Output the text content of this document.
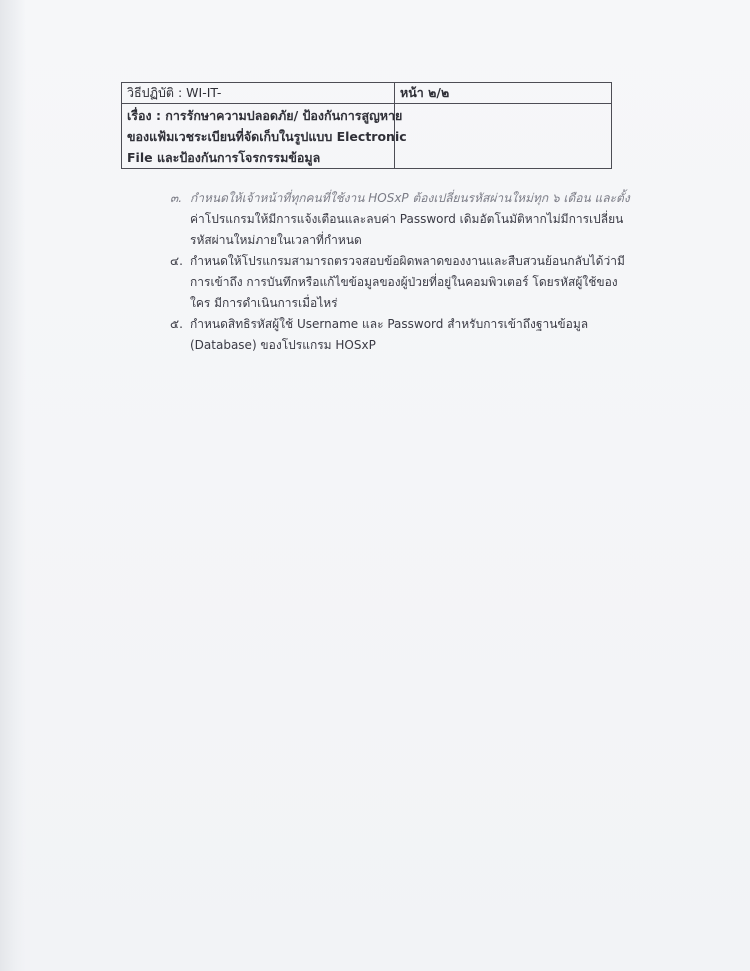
วิธีปฏิบัติ : WI-IT-	หน้า ๒/๒
เรื่อง : การรักษาความปลอดภัย/ ป้องกันการสูญหาย
ของแฟ้มเวชระเบียนที่จัดเก็บในรูปแบบ Electronic
File และป้องกันการโจรกรรมข้อมูล
๓. กำหนดให้เจ้าหน้าที่ทุกคนที่ใช้งาน HOSxP ต้องเปลี่ยนรหัสผ่านใหม่ทุก ๖ เดือน และตั้ง
ค่าโปรแกรมให้มีการแจ้งเตือนและลบค่า Password เดิมอัตโนมัติหากไม่มีการเปลี่ยน
รหัสผ่านใหม่ภายในเวลาที่กำหนด
๔. กำหนดให้โปรแกรมสามารถตรวจสอบข้อผิดพลาดของงานและสืบสวนย้อนกลับได้ว่ามี
การเข้าถึง การบันทึกหรือแก้ไขข้อมูลของผู้ป่วยที่อยู่ในคอมพิวเตอร์ โดยรหัสผู้ใช้ของ
ใคร มีการดำเนินการเมื่อไหร่
๕. กำหนดสิทธิรหัสผู้ใช้ Username และ Password สำหรับการเข้าถึงฐานข้อมูล
(Database) ของโปรแกรม HOSxP
